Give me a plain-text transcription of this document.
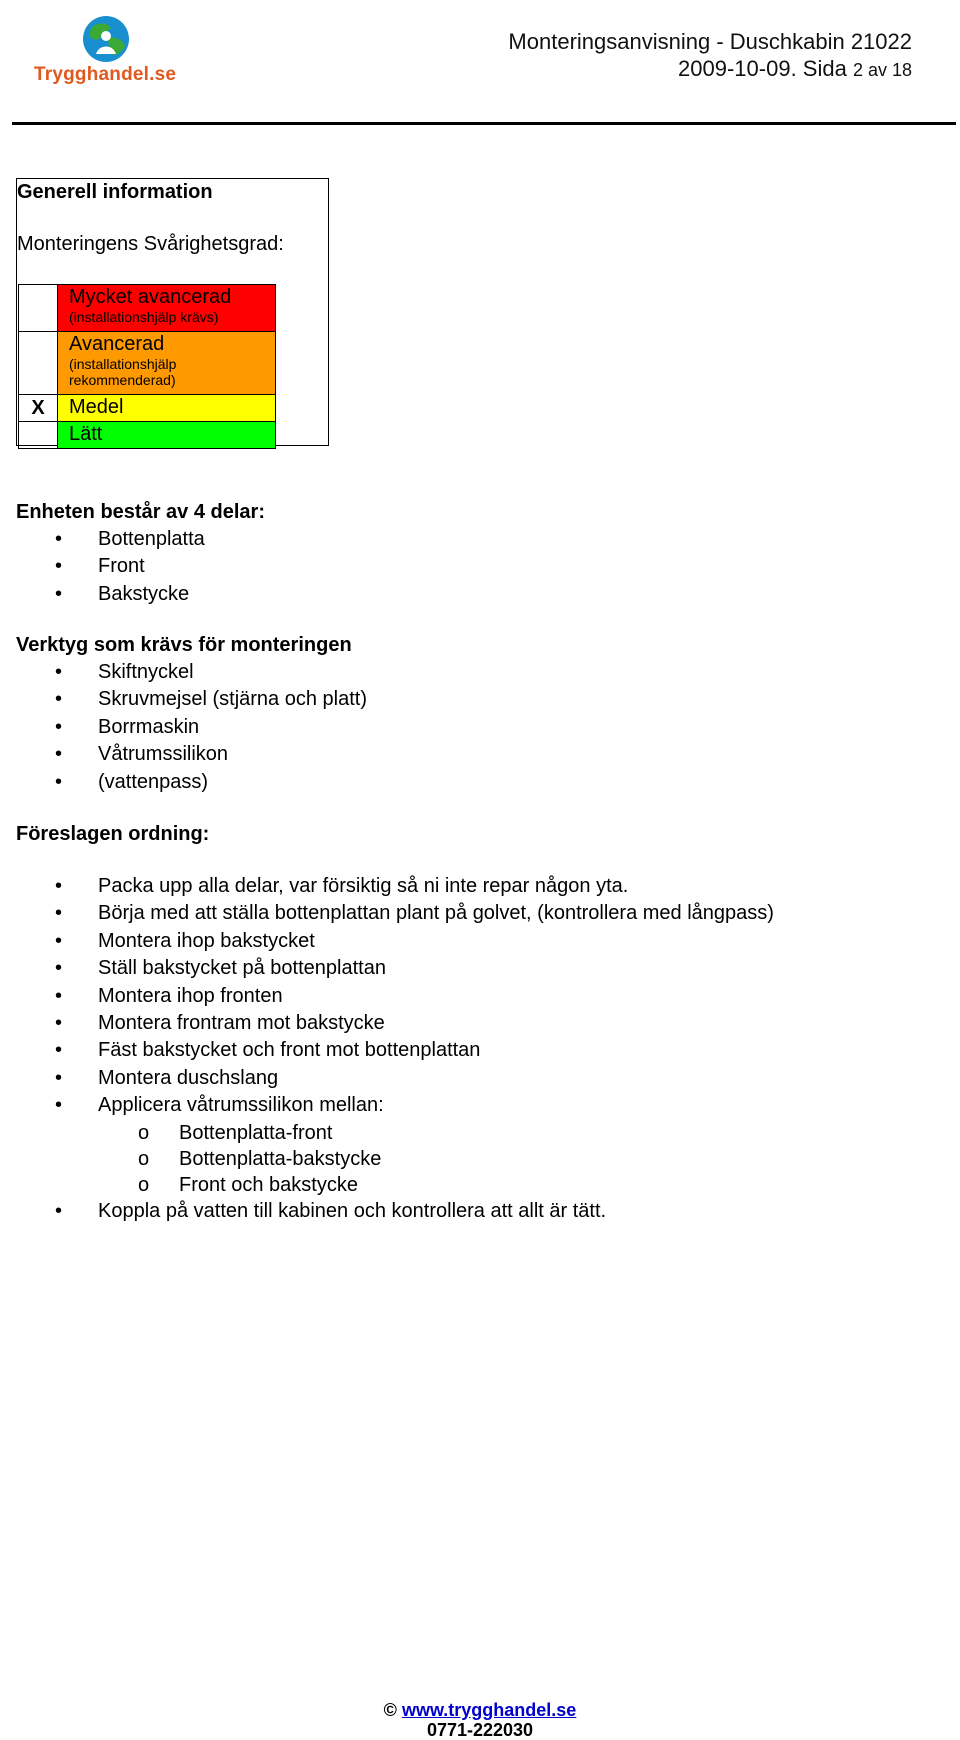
Trygghandel.se
Monteringsanvisning - Duschkabin 21022
2009-10-09. Sida 2 av 18
Generell information
Monteringens Svårighetsgrad:

	Mycket avancerad
(installationshjälp krävs)

	Avancerad
(installationshjälp rekommenderad)

X	Medel

	Lätt

Enheten består av 4 delar:

• Bottenplatta
• Front
• Bakstycke

Verktyg som krävs för monteringen

• Skiftnyckel
• Skruvmejsel (stjärna och platt)
• Borrmaskin
• Våtrumssilikon
• (vattenpass)

Föreslagen ordning:

• Packa upp alla delar, var försiktig så ni inte repar någon yta.
• Börja med att ställa bottenplattan plant på golvet, (kontrollera med långpass)
• Montera ihop bakstycket
• Ställ bakstycket på bottenplattan
• Montera ihop fronten
• Montera frontram mot bakstycke
• Fäst bakstycket och front mot bottenplattan
• Montera duschslang
• Applicera våtrumssilikon mellan:
o Bottenplatta-front
o Bottenplatta-bakstycke
o Front och bakstycke
• Koppla på vatten till kabinen och kontrollera att allt är tätt.
© www.trygghandel.se
0771-222030
